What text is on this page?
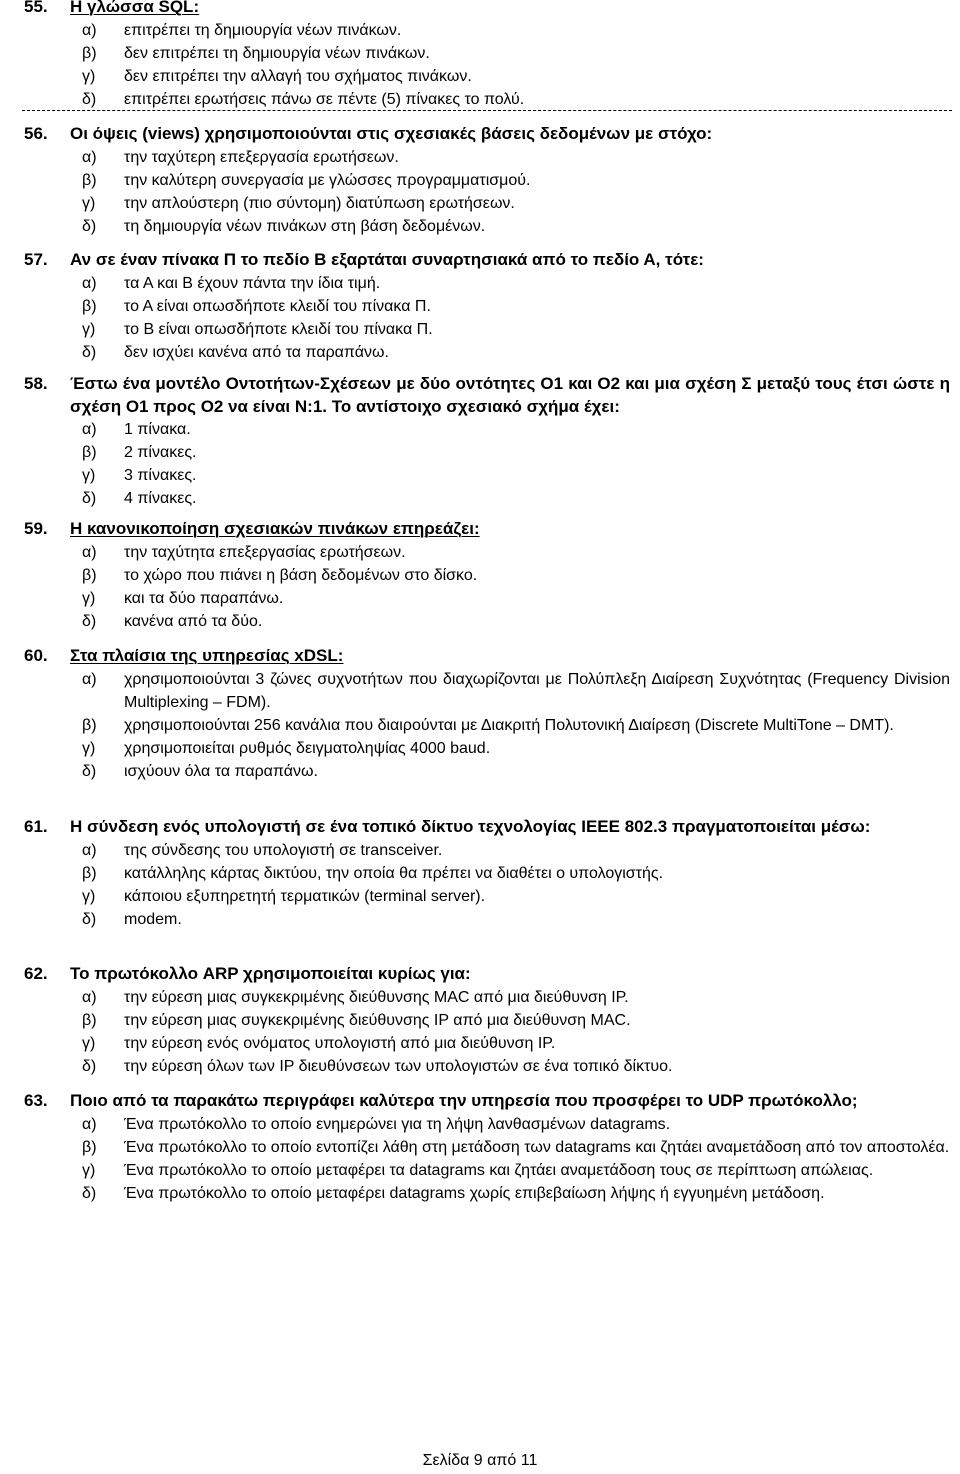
55.	Η γλώσσα SQL:
α)	επιτρέπει τη δημιουργία νέων πινάκων.
β)	δεν επιτρέπει τη δημιουργία νέων πινάκων.
γ)	δεν επιτρέπει την αλλαγή του σχήματος πινάκων.
δ)	επιτρέπει ερωτήσεις πάνω σε πέντε (5) πίνακες το πολύ.
56.	Οι όψεις (views) χρησιμοποιούνται στις σχεσιακές βάσεις δεδομένων με στόχο:
α)	την ταχύτερη επεξεργασία ερωτήσεων.
β)	την καλύτερη συνεργασία με γλώσσες προγραμματισμού.
γ)	την απλούστερη (πιο σύντομη) διατύπωση ερωτήσεων.
δ)	τη δημιουργία νέων πινάκων στη βάση δεδομένων.
57.	Αν σε έναν πίνακα Π το πεδίο Β εξαρτάται συναρτησιακά από το πεδίο Α, τότε:
α)	τα Α και Β έχουν πάντα την ίδια τιμή.
β)	το Α είναι οπωσδήποτε κλειδί του πίνακα Π.
γ)	το Β είναι οπωσδήποτε κλειδί του πίνακα Π.
δ)	δεν ισχύει κανένα από τα παραπάνω.
58.	Έστω ένα μοντέλο Οντοτήτων-Σχέσεων με δύο οντότητες Ο1 και Ο2 και μια σχέση Σ μεταξύ τους έτσι ώστε η σχέση Ο1 προς Ο2 να είναι Ν:1. Το αντίστοιχο σχεσιακό σχήμα έχει:
α)	1 πίνακα.
β)	2 πίνακες.
γ)	3 πίνακες.
δ)	4 πίνακες.
59.	Η κανονικοποίηση σχεσιακών πινάκων επηρεάζει:
α)	την ταχύτητα επεξεργασίας ερωτήσεων.
β)	το χώρο που πιάνει η βάση δεδομένων στο δίσκο.
γ)	και τα δύο παραπάνω.
δ)	κανένα από τα δύο.
60.	Στα πλαίσια της υπηρεσίας xDSL:
α)	χρησιμοποιούνται 3 ζώνες συχνοτήτων που διαχωρίζονται με Πολύπλεξη Διαίρεση Συχνότητας (Frequency Division Multiplexing – FDM).
β)	χρησιμοποιούνται 256 κανάλια που διαιρούνται με Διακριτή Πολυτονική Διαίρεση (Discrete MultiTone – DMT).
γ)	χρησιμοποιείται ρυθμός δειγματοληψίας 4000 baud.
δ)	ισχύουν όλα τα παραπάνω.
61.	Η σύνδεση ενός υπολογιστή σε ένα τοπικό δίκτυο τεχνολογίας IEEE 802.3 πραγματοποιείται μέσω:
α)	της σύνδεσης του υπολογιστή σε transceiver.
β)	κατάλληλης κάρτας δικτύου, την οποία θα πρέπει να διαθέτει ο υπολογιστής.
γ)	κάποιου εξυπηρετητή τερματικών (terminal server).
δ)	modem.
62.	Το πρωτόκολλο ARP χρησιμοποιείται κυρίως για:
α)	την εύρεση μιας συγκεκριμένης διεύθυνσης MAC από μια διεύθυνση IP.
β)	την εύρεση μιας συγκεκριμένης διεύθυνσης IP από μια διεύθυνση MAC.
γ)	την εύρεση ενός ονόματος υπολογιστή από μια διεύθυνση IP.
δ)	την εύρεση όλων των IP διευθύνσεων των υπολογιστών σε ένα τοπικό δίκτυο.
63.	Ποιο από τα παρακάτω περιγράφει καλύτερα την υπηρεσία που προσφέρει το UDP πρωτόκολλο;
α)	Ένα πρωτόκολλο το οποίο ενημερώνει για τη λήψη λανθασμένων datagrams.
β)	Ένα πρωτόκολλο το οποίο εντοπίζει λάθη στη μετάδοση των datagrams και ζητάει αναμετάδοση από τον αποστολέα.
γ)	Ένα πρωτόκολλο το οποίο μεταφέρει τα datagrams και ζητάει αναμετάδοση τους σε περίπτωση απώλειας.
δ)	Ένα πρωτόκολλο το οποίο μεταφέρει datagrams χωρίς επιβεβαίωση λήψης ή εγγυημένη μετάδοση.
Σελίδα 9 από 11
